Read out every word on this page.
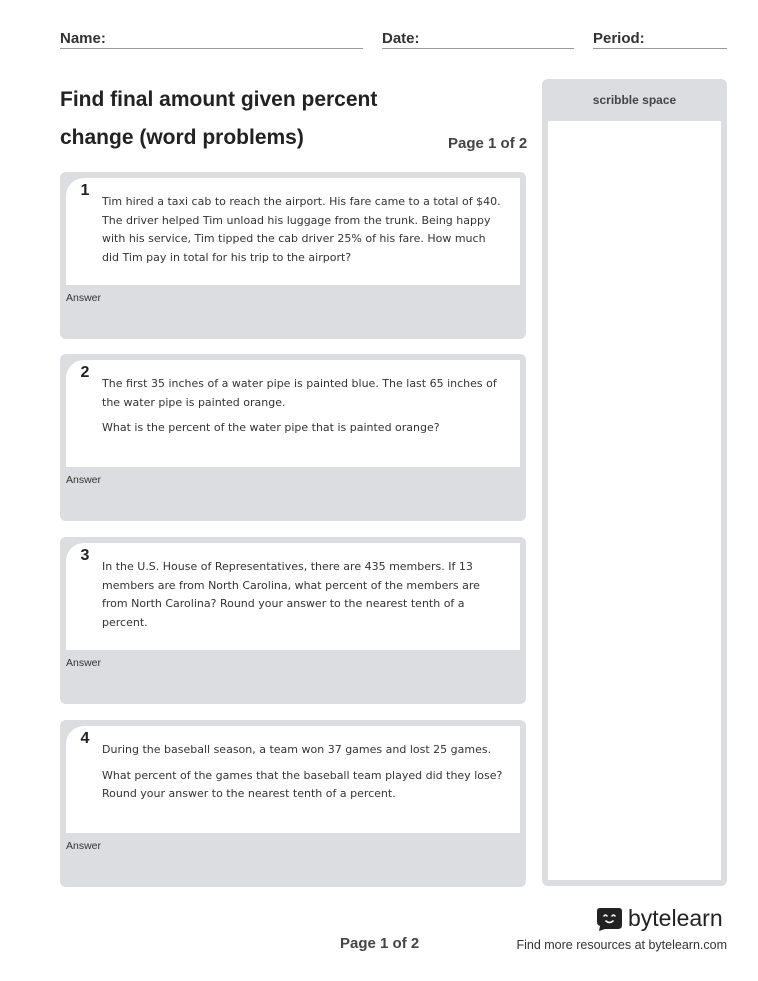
Name:	Date:	Period:
Find final amount given percent
change (word problems)	Page 1 of 2
1

Tim hired a taxi cab to reach the airport. His fare came to a total of $40. The driver helped Tim unload his luggage from the trunk. Being happy with his service, Tim tipped the cab driver 25% of his fare. How much did Tim pay in total for his trip to the airport?

Answer
2

The first 35 inches of a water pipe is painted blue. The last 65 inches of the water pipe is painted orange.

What is the percent of the water pipe that is painted orange?

Answer
3

In the U.S. House of Representatives, there are 435 members. If 13 members are from North Carolina, what percent of the members are from North Carolina? Round your answer to the nearest tenth of a percent.

Answer
4

During the baseball season, a team won 37 games and lost 25 games.

What percent of the games that the baseball team played did they lose? Round your answer to the nearest tenth of a percent.

Answer
scribble space
Page 1 of 2
bytelearn
Find more resources at bytelearn.com
